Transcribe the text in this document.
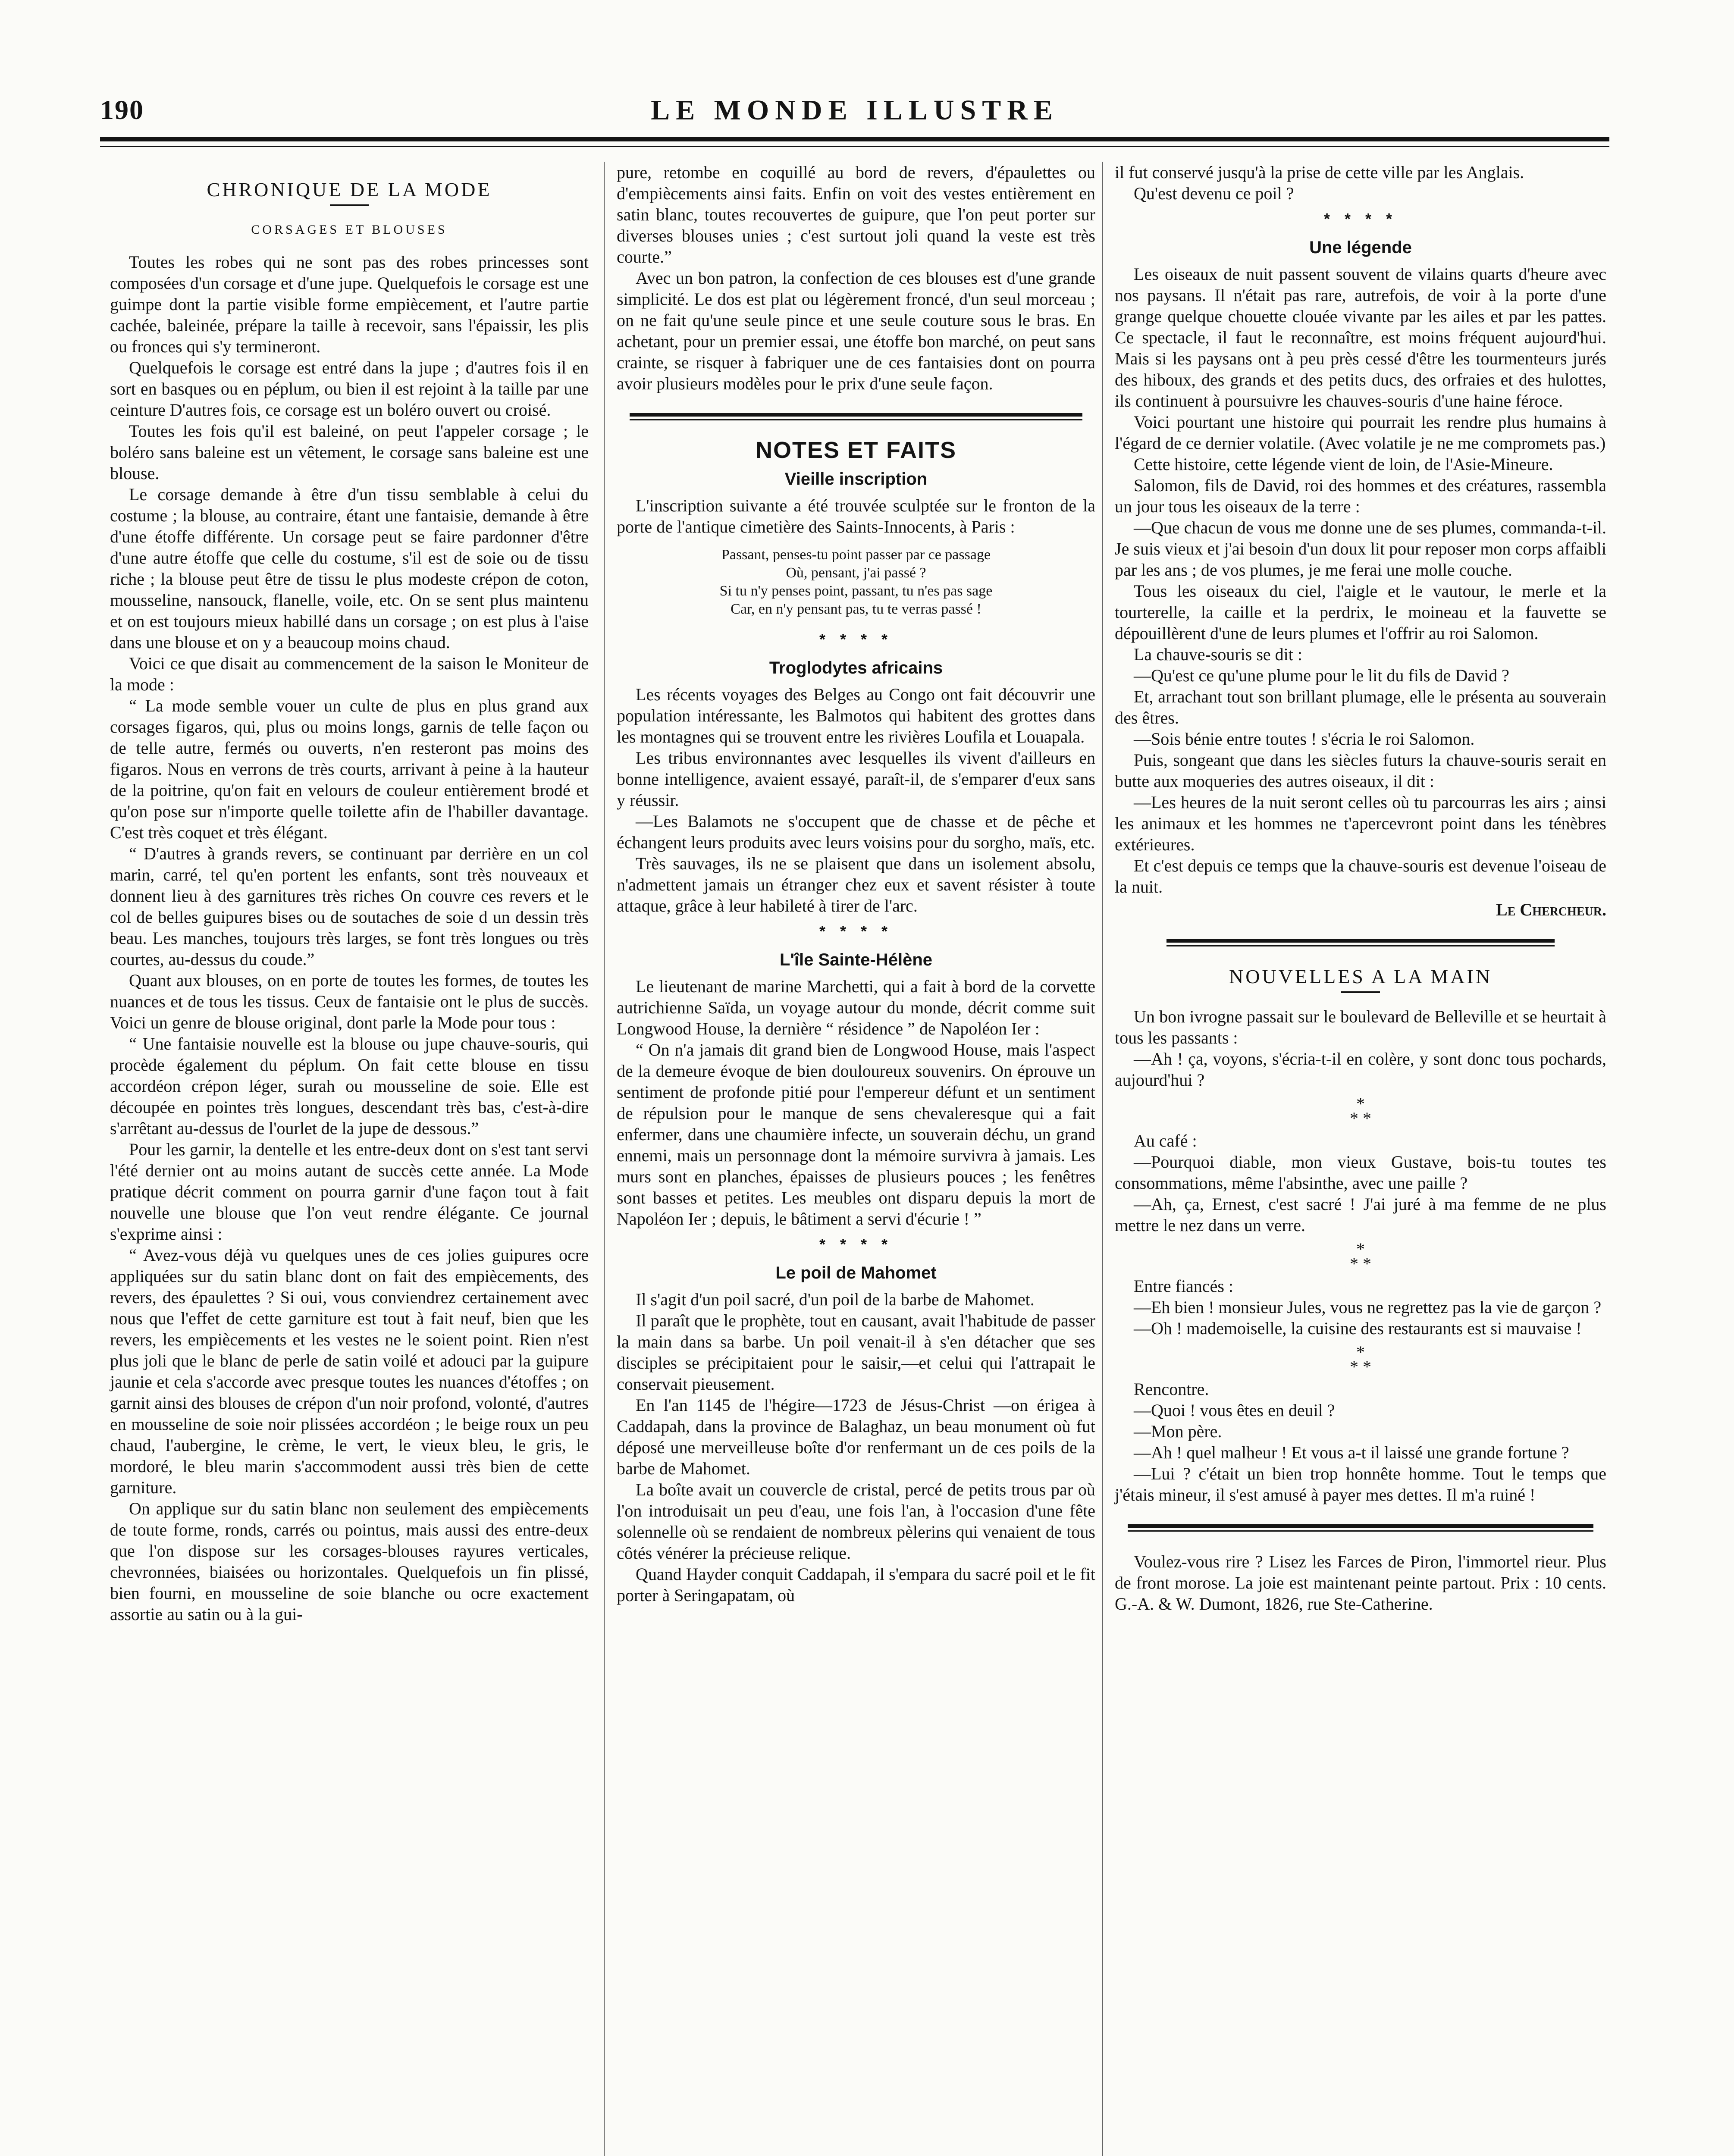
190	LE MONDE ILLUSTRE
CHRONIQUE DE LA MODE
CORSAGES ET BLOUSES

Toutes les robes qui ne sont pas des robes princesses sont composées d'un corsage et d'une jupe. Quelquefois le corsage est une guimpe dont la partie visible forme empiècement, et l'autre partie cachée, baleinée, prépare la taille à recevoir, sans l'épaissir, les plis ou fronces qui s'y termineront.

Quelquefois le corsage est entré dans la jupe ; d'autres fois il en sort en basques ou en péplum, ou bien il est rejoint à la taille par une ceinture D'autres fois, ce corsage est un boléro ouvert ou croisé.

Toutes les fois qu'il est baleiné, on peut l'appeler corsage ; le boléro sans baleine est un vêtement, le corsage sans baleine est une blouse.

Le corsage demande à être d'un tissu semblable à celui du costume ; la blouse, au contraire, étant une fantaisie, demande à être d'une étoffe différente. Un corsage peut se faire pardonner d'être d'une autre étoffe que celle du costume, s'il est de soie ou de tissu riche ; la blouse peut être de tissu le plus modeste crépon de coton, mousseline, nansouck, flanelle, voile, etc. On se sent plus maintenu et on est toujours mieux habillé dans un corsage ; on est plus à l'aise dans une blouse et on y a beaucoup moins chaud.

Voici ce que disait au commencement de la saison le Moniteur de la mode :

“ La mode semble vouer un culte de plus en plus grand aux corsages figaros, qui, plus ou moins longs, garnis de telle façon ou de telle autre, fermés ou ouverts, n'en resteront pas moins des figaros. Nous en verrons de très courts, arrivant à peine à la hauteur de la poitrine, qu'on fait en velours de couleur entièrement brodé et qu'on pose sur n'importe quelle toilette afin de l'habiller davantage. C'est très coquet et très élégant.

“ D'autres à grands revers, se continuant par derrière en un col marin, carré, tel qu'en portent les enfants, sont très nouveaux et donnent lieu à des garnitures très riches On couvre ces revers et le col de belles guipures bises ou de soutaches de soie d un dessin très beau. Les manches, toujours très larges, se font très longues ou très courtes, au-dessus du coude.”

Quant aux blouses, on en porte de toutes les formes, de toutes les nuances et de tous les tissus. Ceux de fantaisie ont le plus de succès. Voici un genre de blouse original, dont parle la Mode pour tous :

“ Une fantaisie nouvelle est la blouse ou jupe chauve-souris, qui procède également du péplum. On fait cette blouse en tissu accordéon crépon léger, surah ou mousseline de soie. Elle est découpée en pointes très longues, descendant très bas, c'est-à-dire s'arrêtant au-dessus de l'ourlet de la jupe de dessous.”

Pour les garnir, la dentelle et les entre-deux dont on s'est tant servi l'été dernier ont au moins autant de succès cette année. La Mode pratique décrit comment on pourra garnir d'une façon tout à fait nouvelle une blouse que l'on veut rendre élégante. Ce journal s'exprime ainsi :

“ Avez-vous déjà vu quelques unes de ces jolies guipures ocre appliquées sur du satin blanc dont on fait des empiècements, des revers, des épaulettes ? Si oui, vous conviendrez certainement avec nous que l'effet de cette garniture est tout à fait neuf, bien que les revers, les empiècements et les vestes ne le soient point. Rien n'est plus joli que le blanc de perle de satin voilé et adouci par la guipure jaunie et cela s'accorde avec presque toutes les nuances d'étoffes ; on garnit ainsi des blouses de crépon d'un noir profond, volonté, d'autres en mousseline de soie noir plissées accordéon ; le beige roux un peu chaud, l'aubergine, le crème, le vert, le vieux bleu, le gris, le mordoré, le bleu marin s'accommodent aussi très bien de cette garniture.

On applique sur du satin blanc non seulement des empiècements de toute forme, ronds, carrés ou pointus, mais aussi des entre-deux que l'on dispose sur les corsages-blouses rayures verticales, chevronnées, biaisées ou horizontales. Quelquefois un fin plissé, bien fourni, en mousseline de soie blanche ou ocre exactement assortie au satin ou à la gui-

pure, retombe en coquillé au bord de revers, d'épaulettes ou d'empiècements ainsi faits. Enfin on voit des vestes entièrement en satin blanc, toutes recouvertes de guipure, que l'on peut porter sur diverses blouses unies ; c'est surtout joli quand la veste est très courte.”

Avec un bon patron, la confection de ces blouses est d'une grande simplicité. Le dos est plat ou légèrement froncé, d'un seul morceau ; on ne fait qu'une seule pince et une seule couture sous le bras. En achetant, pour un premier essai, une étoffe bon marché, on peut sans crainte, se risquer à fabriquer une de ces fantaisies dont on pourra avoir plusieurs modèles pour le prix d'une seule façon.

NOTES ET FAITS
Vieille inscription

L'inscription suivante a été trouvée sculptée sur le fronton de la porte de l'antique cimetière des Saints-Innocents, à Paris :

Passant, penses-tu point passer par ce passage
Où, pensant, j'ai passé ?
Si tu n'y penses point, passant, tu n'es pas sage
Car, en n'y pensant pas, tu te verras passé !
* * * *
Troglodytes africains

Les récents voyages des Belges au Congo ont fait découvrir une population intéressante, les Balmotos qui habitent des grottes dans les montagnes qui se trouvent entre les rivières Loufila et Louapala.

Les tribus environnantes avec lesquelles ils vivent d'ailleurs en bonne intelligence, avaient essayé, paraît-il, de s'emparer d'eux sans y réussir.

—Les Balamots ne s'occupent que de chasse et de pêche et échangent leurs produits avec leurs voisins pour du sorgho, maïs, etc.

Très sauvages, ils ne se plaisent que dans un isolement absolu, n'admettent jamais un étranger chez eux et savent résister à toute attaque, grâce à leur habileté à tirer de l'arc.

* * * *
L'île Sainte-Hélène

Le lieutenant de marine Marchetti, qui a fait à bord de la corvette autrichienne Saïda, un voyage autour du monde, décrit comme suit Longwood House, la dernière “ résidence ” de Napoléon Ier :

“ On n'a jamais dit grand bien de Longwood House, mais l'aspect de la demeure évoque de bien douloureux souvenirs. On éprouve un sentiment de profonde pitié pour l'empereur défunt et un sentiment de répulsion pour le manque de sens chevaleresque qui a fait enfermer, dans une chaumière infecte, un souverain déchu, un grand ennemi, mais un personnage dont la mémoire survivra à jamais. Les murs sont en planches, épaisses de plusieurs pouces ; les fenêtres sont basses et petites. Les meubles ont disparu depuis la mort de Napoléon Ier ; depuis, le bâtiment a servi d'écurie ! ”

* * * *
Le poil de Mahomet

Il s'agit d'un poil sacré, d'un poil de la barbe de Mahomet.

Il paraît que le prophète, tout en causant, avait l'habitude de passer la main dans sa barbe. Un poil venait-il à s'en détacher que ses disciples se précipitaient pour le saisir,—et celui qui l'attrapait le conservait pieusement.

En l'an 1145 de l'hégire—1723 de Jésus-Christ —on érigea à Caddapah, dans la province de Balaghaz, un beau monument où fut déposé une merveilleuse boîte d'or renfermant un de ces poils de la barbe de Mahomet.

La boîte avait un couvercle de cristal, percé de petits trous par où l'on introduisait un peu d'eau, une fois l'an, à l'occasion d'une fête solennelle où se rendaient de nombreux pèlerins qui venaient de tous côtés vénérer la précieuse relique.

Quand Hayder conquit Caddapah, il s'empara du sacré poil et le fit porter à Seringapatam, où

il fut conservé jusqu'à la prise de cette ville par les Anglais.

Qu'est devenu ce poil ?

* * * *
Une légende

Les oiseaux de nuit passent souvent de vilains quarts d'heure avec nos paysans. Il n'était pas rare, autrefois, de voir à la porte d'une grange quelque chouette clouée vivante par les ailes et par les pattes. Ce spectacle, il faut le reconnaître, est moins fréquent aujourd'hui. Mais si les paysans ont à peu près cessé d'être les tourmenteurs jurés des hiboux, des grands et des petits ducs, des orfraies et des hulottes, ils continuent à poursuivre les chauves-souris d'une haine féroce.

Voici pourtant une histoire qui pourrait les rendre plus humains à l'égard de ce dernier volatile. (Avec volatile je ne me compromets pas.)

Cette histoire, cette légende vient de loin, de l'Asie-Mineure.

Salomon, fils de David, roi des hommes et des créatures, rassembla un jour tous les oiseaux de la terre :

—Que chacun de vous me donne une de ses plumes, commanda-t-il. Je suis vieux et j'ai besoin d'un doux lit pour reposer mon corps affaibli par les ans ; de vos plumes, je me ferai une molle couche.

Tous les oiseaux du ciel, l'aigle et le vautour, le merle et la tourterelle, la caille et la perdrix, le moineau et la fauvette se dépouillèrent d'une de leurs plumes et l'offrir au roi Salomon.

La chauve-souris se dit :

—Qu'est ce qu'une plume pour le lit du fils de David ?

Et, arrachant tout son brillant plumage, elle le présenta au souverain des êtres.

—Sois bénie entre toutes ! s'écria le roi Salomon.

Puis, songeant que dans les siècles futurs la chauve-souris serait en butte aux moqueries des autres oiseaux, il dit :

—Les heures de la nuit seront celles où tu parcourras les airs ; ainsi les animaux et les hommes ne t'apercevront point dans les ténèbres extérieures.

Et c'est depuis ce temps que la chauve-souris est devenue l'oiseau de la nuit.

Le Chercheur.
NOUVELLES A LA MAIN

Un bon ivrogne passait sur le boulevard de Belleville et se heurtait à tous les passants :

—Ah ! ça, voyons, s'écria-t-il en colère, y sont donc tous pochards, aujourd'hui ?

*
* *

Au café :

—Pourquoi diable, mon vieux Gustave, bois-tu toutes tes consommations, même l'absinthe, avec une paille ?

—Ah, ça, Ernest, c'est sacré ! J'ai juré à ma femme de ne plus mettre le nez dans un verre.

*
* *

Entre fiancés :

—Eh bien ! monsieur Jules, vous ne regrettez pas la vie de garçon ?

—Oh ! mademoiselle, la cuisine des restaurants est si mauvaise !

*
* *

Rencontre.

—Quoi ! vous êtes en deuil ?

—Mon père.

—Ah ! quel malheur ! Et vous a-t il laissé une grande fortune ?

—Lui ? c'était un bien trop honnête homme. Tout le temps que j'étais mineur, il s'est amusé à payer mes dettes. Il m'a ruiné !

Voulez-vous rire ? Lisez les Farces de Piron, l'immortel rieur. Plus de front morose. La joie est maintenant peinte partout. Prix : 10 cents. G.-A. & W. Dumont, 1826, rue Ste-Catherine.
